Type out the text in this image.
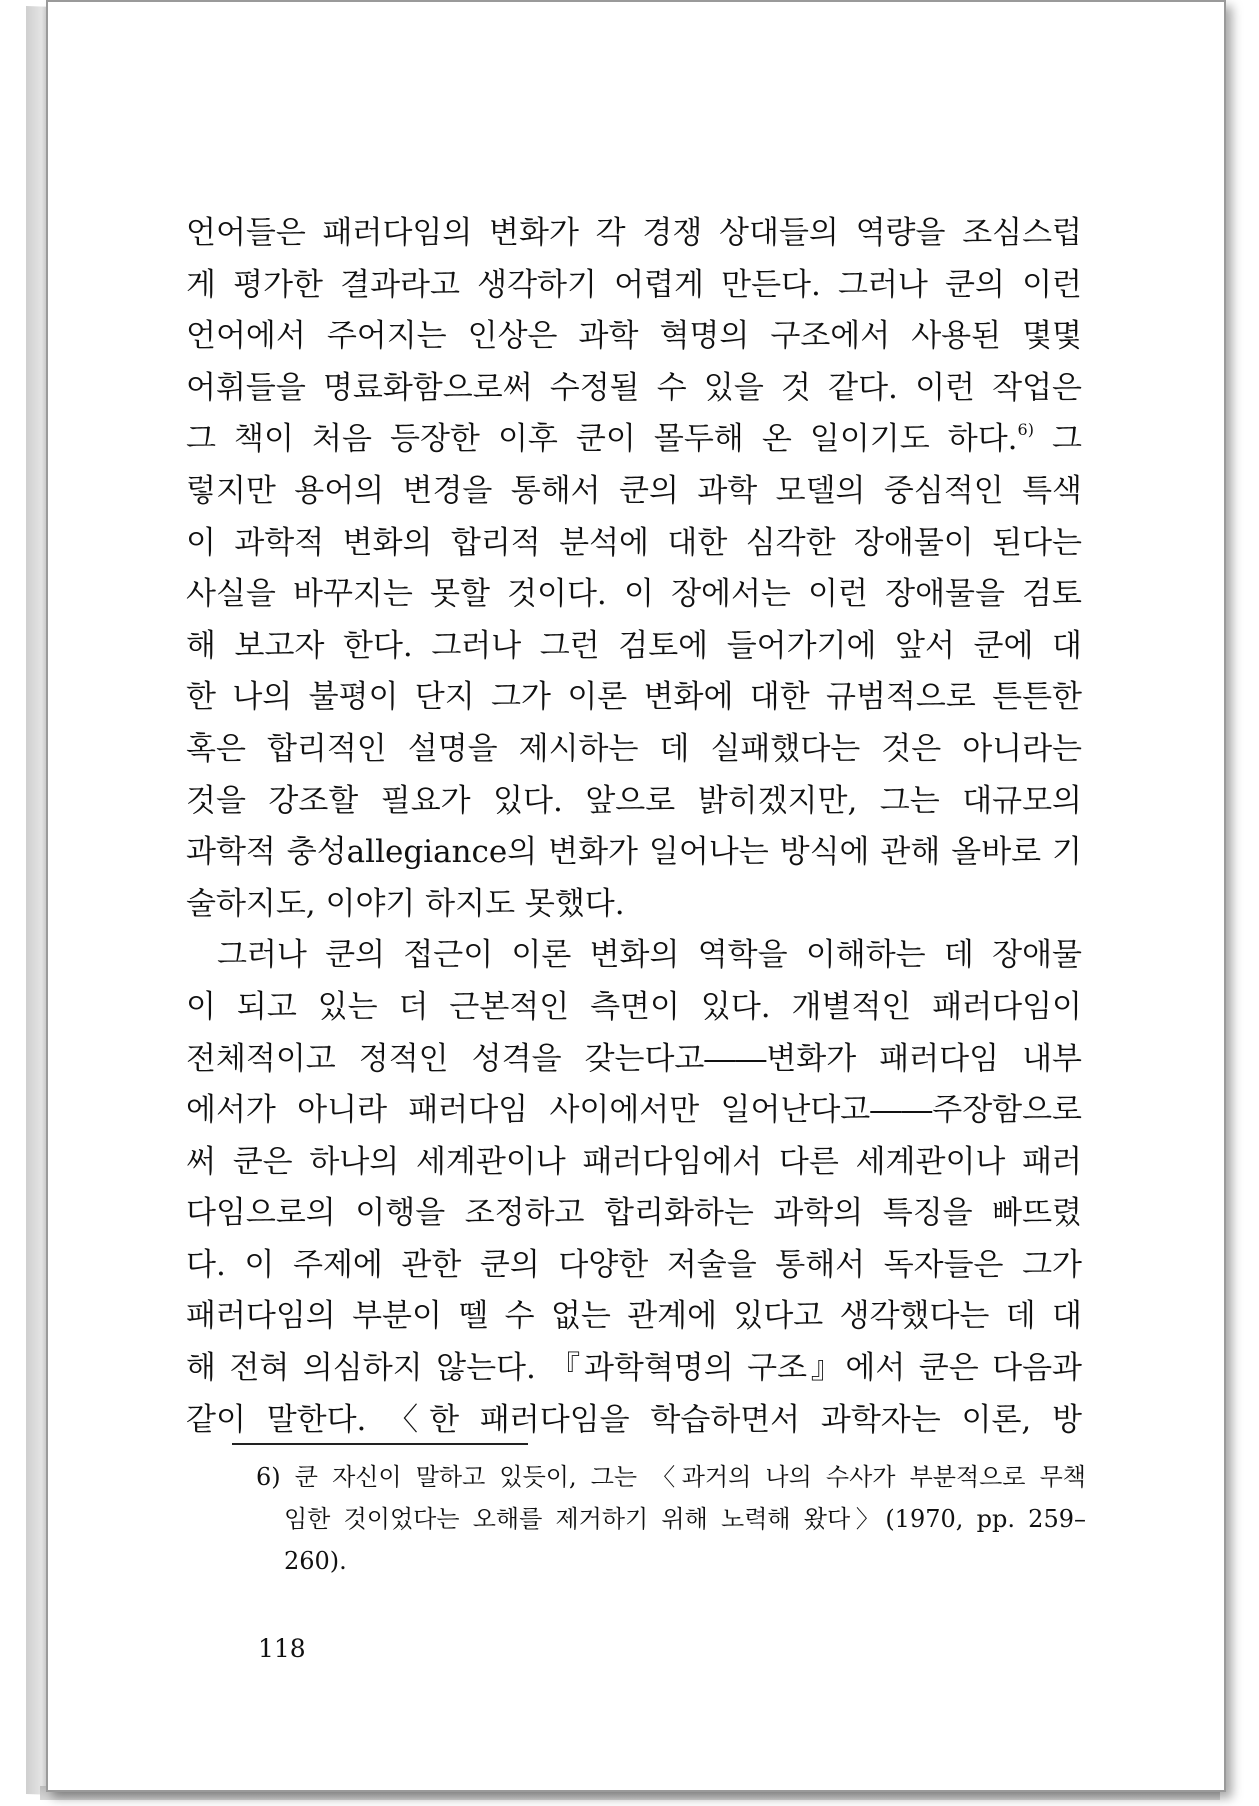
언어들은 패러다임의 변화가 각 경쟁 상대들의 역량을 조심스럽
게 평가한 결과라고 생각하기 어렵게 만든다. 그러나 쿤의 이런
언어에서 주어지는 인상은 과학 혁명의 구조에서 사용된 몇몇
어휘들을 명료화함으로써 수정될 수 있을 것 같다. 이런 작업은
그 책이 처음 등장한 이후 쿤이 몰두해 온 일이기도 하다.$^{6)}$ 그
렇지만 용어의 변경을 통해서 쿤의 과학 모델의 중심적인 특색
이 과학적 변화의 합리적 분석에 대한 심각한 장애물이 된다는
사실을 바꾸지는 못할 것이다. 이 장에서는 이런 장애물을 검토
해 보고자 한다. 그러나 그런 검토에 들어가기에 앞서 쿤에 대
한 나의 불평이 단지 그가 이론 변화에 대한 규범적으로 튼튼한
혹은 합리적인 설명을 제시하는 데 실패했다는 것은 아니라는
것을 강조할 필요가 있다. 앞으로 밝히겠지만, 그는 대규모의
과학적 충성allegiance의 변화가 일어나는 방식에 관해 올바로 기
술하지도, 이야기 하지도 못했다.

그러나 쿤의 접근이 이론 변화의 역학을 이해하는 데 장애물
이 되고 있는 더 근본적인 측면이 있다. 개별적인 패러다임이
전체적이고 정적인 성격을 갖는다고――변화가 패러다임 내부
에서가 아니라 패러다임 사이에서만 일어난다고――주장함으로
써 쿤은 하나의 세계관이나 패러다임에서 다른 세계관이나 패러
다임으로의 이행을 조정하고 합리화하는 과학의 특징을 빠뜨렸
다. 이 주제에 관한 쿤의 다양한 저술을 통해서 독자들은 그가
패러다임의 부분이 뗄 수 없는 관계에 있다고 생각했다는 데 대
해 전혀 의심하지 않는다. 『과학혁명의 구조』에서 쿤은 다음과
같이 말한다. 〈한 패러다임을 학습하면서 과학자는 이론, 방

6) 쿤 자신이 말하고 있듯이, 그는 〈과거의 나의 수사가 부분적으로 무책
임한 것이었다는 오해를 제거하기 위해 노력해 왔다〉(1970, pp. 259–
260).
118
